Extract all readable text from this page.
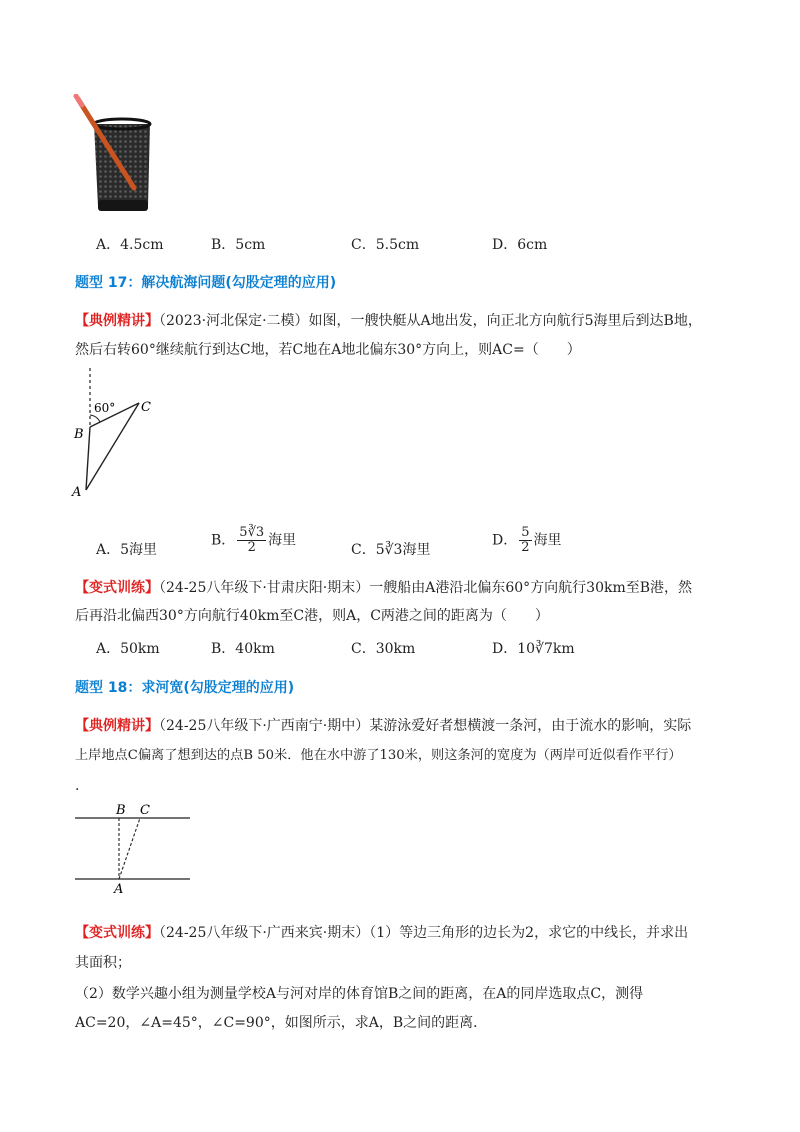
A．4.5cm	B．5cm	C．5.5cm	D．6cm
题型 17：解决航海问题(勾股定理的应用)
【典例精讲】（2023·河北保定·二模）如图，一艘快艇从A地出发，向正北方向航行5海里后到达B地，
然后右转60°继续航行到达C地，若C地在A地北偏东30°方向上，则AC=（　　）
60° C
B
A
A．5海里
B． $\frac{5∛3}{2}$ 海里
C．5∛3海里
D． $\frac{5}{2}$ 海里
【变式训练】（24-25八年级下·甘肃庆阳·期末）一艘船由A港沿北偏东60°方向航行30km至B港，然
后再沿北偏西30°方向航行40km至C港，则A，C两港之间的距离为（　　）
A．50km	B．40km	C．30km	D．10∛7km
题型 18：求河宽(勾股定理的应用)
【典例精讲】（24-25八年级下·广西南宁·期中）某游泳爱好者想横渡一条河，由于流水的影响，实际
上岸地点C偏离了想到达的点B 50米．他在水中游了130米，则这条河的宽度为（两岸可近似看作平行）
.
B C
A
【变式训练】（24-25八年级下·广西来宾·期末）（1）等边三角形的边长为2，求它的中线长，并求出
其面积；
（2）数学兴趣小组为测量学校A与河对岸的体育馆B之间的距离，在A的同岸选取点C，测得
AC=20，∠A=45°，∠C=90°，如图所示，求A，B之间的距离．
